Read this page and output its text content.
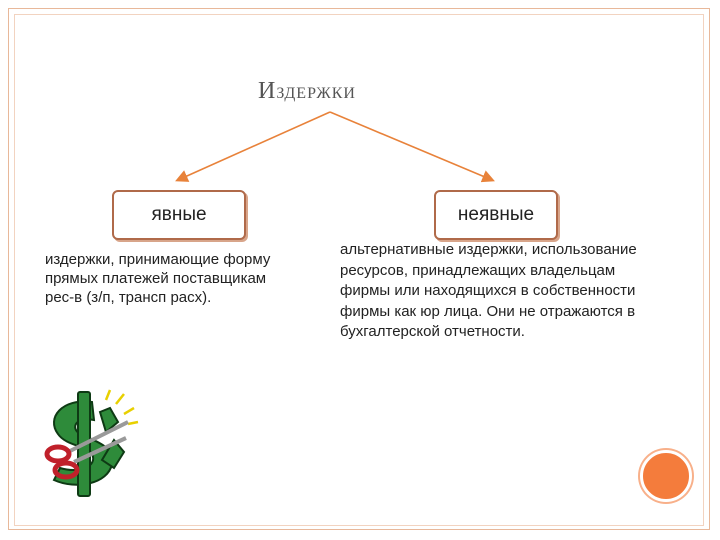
ИЗДЕРЖКИ
явные	неявные
издержки, принимающие форму прямых платежей поставщикам рес-в (з/п, трансп расх).
альтернативные издержки, использование ресурсов, принадлежащих владельцам фирмы или находящихся в собственности фирмы как юр лица. Они не отражаются в бухгалтерской отчетности.
